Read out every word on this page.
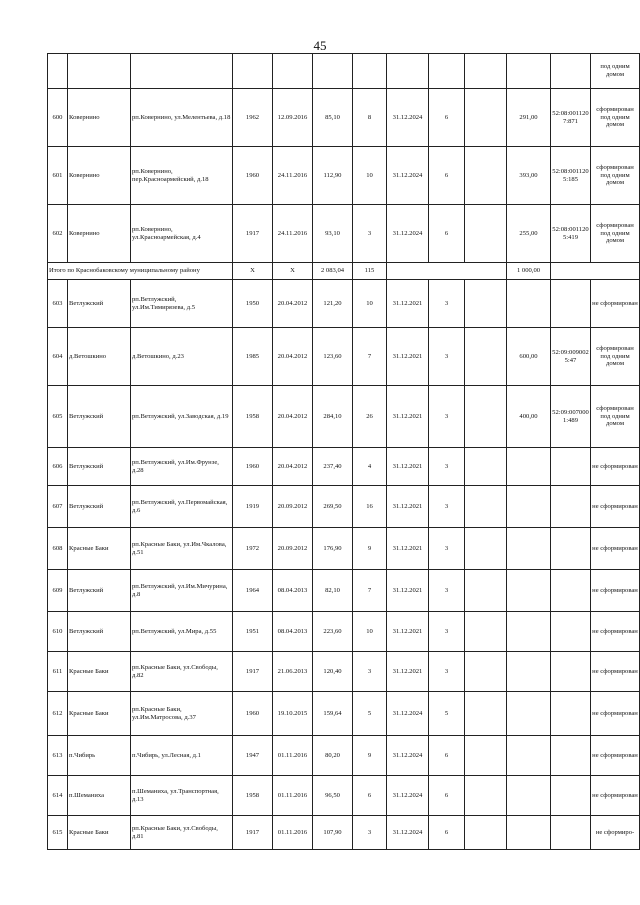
45
												под одним домом
600	Ковернино	рп.Ковернино, ул.Мелентьева, д.18	1962	12.09.2016	85,10	8	31.12.2024	6		291,00	52:08:0011207:871	сформирован под одним домом
601	Ковернино	рп.Ковернино, пер.Красноармейский, д.18	1960	24.11.2016	112,90	10	31.12.2024	6		393,00	52:08:0011205:185	сформирован под одним домом
602	Ковернино	рп.Ковернино, ул.Красноармейская, д.4	1917	24.11.2016	93,10	3	31.12.2024	6		255,00	52:08:0011205:419	сформирован под одним домом
Итого по Краснобаковскому муниципальному району			X	X	2 083,04	115				1 000,00		
603	Ветлужский	рп.Ветлужский, ул.Им.Тимирязева, д.5	1950	20.04.2012	121,20	10	31.12.2021	3				не сформирован
604	д.Ветошкино	д.Ветошкино, д.23	1985	20.04.2012	123,60	7	31.12.2021	3		600,00	52:09:0090025:47	сформирован под одним домом
605	Ветлужский	рп.Ветлужский, ул.Заводская, д.19	1958	20.04.2012	284,10	26	31.12.2021	3		400,00	52:09:0070001:489	сформирован под одним домом
606	Ветлужский	рп.Ветлужский, ул.Им.Фрунзе, д.28	1960	20.04.2012	237,40	4	31.12.2021	3				не сформирован
607	Ветлужский	рп.Ветлужский, ул.Первомайская, д.6	1919	20.09.2012	269,50	16	31.12.2021	3				не сформирован
608	Красные Баки	рп.Красные Баки, ул.Им.Чкалова, д.51	1972	20.09.2012	176,90	9	31.12.2021	3				не сформирован
609	Ветлужский	рп.Ветлужский, ул.Им.Мичурина, д.8	1964	08.04.2013	82,10	7	31.12.2021	3				не сформирован
610	Ветлужский	рп.Ветлужский, ул.Мира, д.55	1951	08.04.2013	223,60	10	31.12.2021	3				не сформирован
611	Красные Баки	рп.Красные Баки, ул.Свободы, д.82	1917	21.06.2013	120,40	3	31.12.2021	3				не сформирован
612	Красные Баки	рп.Красные Баки, ул.Им.Матросова, д.37	1960	19.10.2015	159,64	5	31.12.2024	5				не сформирован
613	п.Чибирь	п.Чибирь, ул.Лесная, д.1	1947	01.11.2016	80,20	9	31.12.2024	6				не сформирован
614	п.Шеманиха	п.Шеманиха, ул.Транспортная, д.13	1958	01.11.2016	96,50	6	31.12.2024	6				не сформирован
615	Красные Баки	рп.Красные Баки, ул.Свободы, д.81	1917	01.11.2016	107,90	3	31.12.2024	6				не сформиро-
